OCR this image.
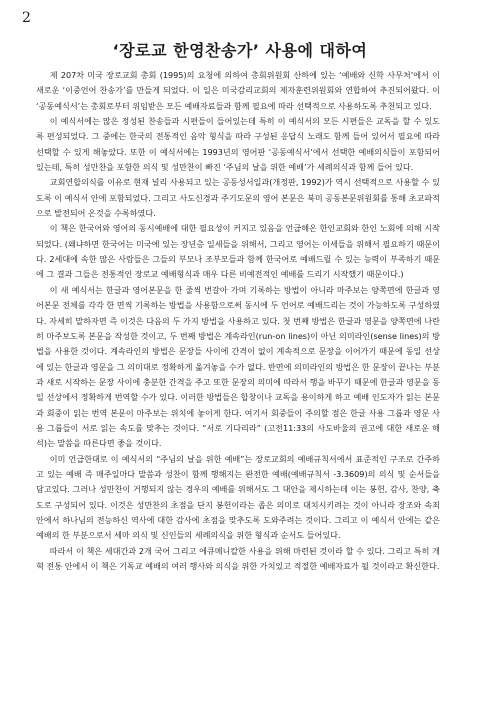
2
‘장로교 한영찬송가’ 사용에 대하여

제 207차 미국 장로교회 총회 (1995)의 요청에 의하여 총회위원회 산하에 있는 ‘예배와 신학 사무처’에서 이 새로운 ‘이중언어 찬송가’를 만들게 되었다. 이 일은 미국감리교회의 제자훈련위원회와 연합하여 추진되어왔다. 이 ‘공동예식서’는 총회로부터 위임받은 모든 예배자료들과 함께 필요에 따라 선택적으로 사용하도록 추천되고 있다.

이 예식서에는 많은 정성된 찬송들과 시편들이 들어있는데 특히 이 예식서의 모든 시편들은 교독을 할 수 있도록 편성되었다. 그 중에는 한국의 전통적인 음악 형식을 따라 구성된 응답식 노래도 함께 들어 있어서 필요에 따라 선택할 수 있게 해놓았다. 또한 이 예식서에는 1993년의 영어판 ‘공동예식서’에서 선택한 예배의식들이 포함되어 있는데, 특히 성만찬을 포함한 의식 및 성만찬이 빠진 ‘주님의 날을 위한 예배’가 세례의식과 함께 들어 있다.

교회연합의식를 이유로 현재 널리 사용되고 있는 공동성서일과(개정판, 1992)가 역시 선택적으로 사용할 수 있도록 이 예식서 안에 포함되었다. 그리고 사도신경과 주기도문의 영어 본문은 북미 공동본문위원회를 통해 초교파적으로 발전되어 온것을 수록하였다.

이 책은 한국어와 영어의 동시예배에 대한 필요성이 커지고 있음을 언급해온 한인교회와 한인 노회에 의해 시작되었다. (왜냐하면 한국어는 미국에 있는 장년층 일세들을 위해서, 그리고 영어는 이세들을 위해서 필요하기 때문이다. 2세대에 속한 많은 사람들은 그들의 부모나 조부모들과 함께 한국어로 예배드릴 수 있는 능력이 부족하기 때문에 그 결과 그들은 전통적인 장로교 예배형식과 매우 다른 비예전적인 예배를 드리기 시작했기 때문이다.)

이 새 예식서는 한글과 영어본문을 한 줄씩 번갈아 가며 기록하는 방법이 아니라 마주보는 양쪽면에 한글과 영어본문 전체를 각각 한 면씩 기록하는 방법을 사용함으로써 동시에 두 언어로 예배드리는 것이 가능하도록 구성하였다. 자세히 말하자면 즉 이것은 다음의 두 가지 방법을 사용하고 있다. 첫 번째 방법은 한글과 영문을 양쪽면에 나란히 마주보도록 본문을 작성한 것이고, 두 번째 방법은 계속라인(run-on lines)이 아닌 의미라인(sense lines)의 방법을 사용한 것이다. 계속라인의 방법은 문장들 사이에 간격이 없이 계속적으로 문장을 이어가기 때문에 동일 선상에 있는 한글과 영문을 그 의미대로 정확하게 옮겨놓을 수가 없다. 반면에 의미라인의 방법은 한 문장이 끝나는 부분과 새로 시작하는 문장 사이에 충분한 간격을 주고 또한 문장의 의미에 따라서 행을 바꾸기 때문에 한글과 영문을 동일 선상에서 정확하게 번역할 수가 있다. 이러한 방법들은 합창이나 교독을 용이하게 하고 예배 인도자가 읽는 본문과 회중이 읽는 번역 본문이 마주보는 위치에 놓이게 한다. 여기서 회중들이 주의할 점은 한글 사용 그룹과 영문 사용 그룹들이 서로 읽는 속도를 맞추는 것이다. “서로 기다리라” (고전11:33의 사도바울의 권고에 대한 새로운 해석)는 말씀을 따른다면 좋을 것이다.

이미 언급한대로 이 예식서의 “주님의 날을 위한 예배”는 장로교회의 예배규칙서에서 표준적인 구조로 간주하고 있는 예배 즉 매주일마다 말씀과 성찬이 함께 행해지는 완전한 예배(예배규칙서 -3.3609)의 의식 및 순서들을 담고있다. 그러나 성만찬이 거행되지 않는 경우의 예배를 위해서도 그 대안을 제시하는데 이는 봉헌, 감사, 찬양, 축도로 구성되어 있다. 이것은 성만찬의 초점을 단지 봉헌이라는 좁은 의미로 대치시키려는 것이 아니라 장조와 속죄 안에서 하나님의 전능하신 역사에 대한 감사에 초점을 맞추도록 도와주려는 것이다. 그리고 이 예식서 안에는 같은 예배의 한 부분으로서 세마 의식 및 신인들의 세례의식을 위한 형식과 순서도 들어있다.

따라서 이 책은 세대간과 2개 국어 그리고 에큐메니칼한 사용을 위해 마련된 것이라 할 수 있다. 그리고 특히 개혁 전통 안에서 이 책은 기독교 예배의 여러 행사와 의식을 위한 가치있고 적절한 예배자료가 될 것이라고 확신한다.
